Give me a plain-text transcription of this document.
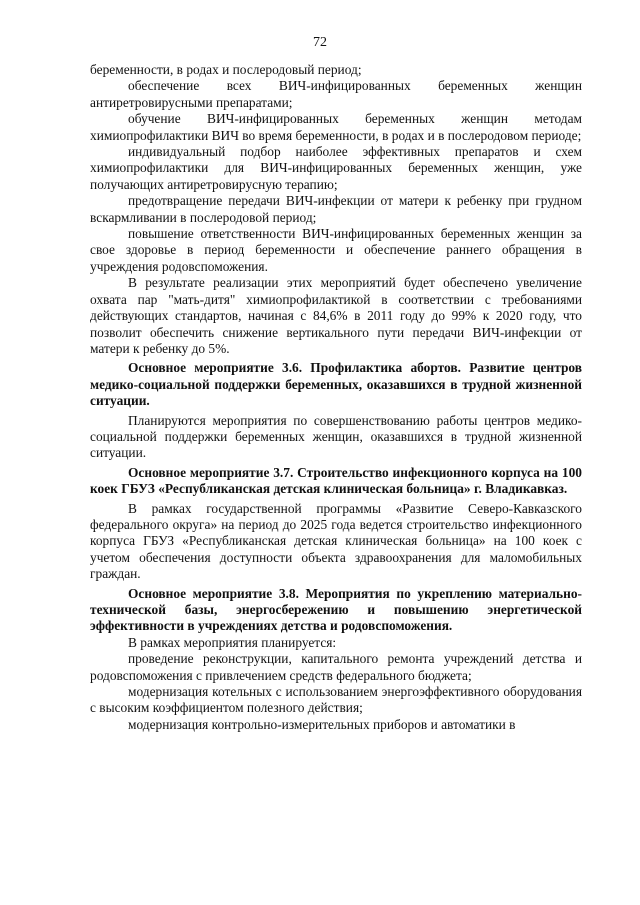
72

беременности, в родах и послеродовый период;

обеспечение всех ВИЧ-инфицированных беременных женщин антиретровирусными препаратами;

обучение ВИЧ-инфицированных беременных женщин методам химиопрофилактики ВИЧ во время беременности, в родах и в послеродовом периоде;

индивидуальный подбор наиболее эффективных препаратов и схем химиопрофилактики для ВИЧ-инфицированных беременных женщин, уже получающих антиретровирусную терапию;

предотвращение передачи ВИЧ-инфекции от матери к ребенку при грудном вскармливании в послеродовой период;

повышение ответственности ВИЧ-инфицированных беременных женщин за свое здоровье в период беременности и обеспечение раннего обращения в учреждения родовспоможения.

В результате реализации этих мероприятий будет обеспечено увеличение охвата пар "мать-дитя" химиопрофилактикой в соответствии с требованиями действующих стандартов, начиная с 84,6% в 2011 году до 99% к 2020 году, что позволит обеспечить снижение вертикального пути передачи ВИЧ-инфекции от матери к ребенку до 5%.

Основное мероприятие 3.6. Профилактика абортов. Развитие центров медико-социальной поддержки беременных, оказавшихся в трудной жизненной ситуации.

Планируются мероприятия по совершенствованию работы центров медико-социальной поддержки беременных женщин, оказавшихся в трудной жизненной ситуации.

Основное мероприятие 3.7. Строительство инфекционного корпуса на 100 коек ГБУЗ «Республиканская детская клиническая больница» г. Владикавказ.

В рамках государственной программы «Развитие Северо-Кавказского федерального округа» на период до 2025 года ведется строительство инфекционного корпуса ГБУЗ «Республиканская детская клиническая больница» на 100 коек с учетом обеспечения доступности объекта здравоохранения для маломобильных граждан.

Основное мероприятие 3.8. Мероприятия по укреплению материально-технической базы, энергосбережению и повышению энергетической эффективности в учреждениях детства и родовспоможения.

В рамках мероприятия планируется:

проведение реконструкции, капитального ремонта учреждений детства и родовспоможения с привлечением средств федерального бюджета;

модернизация котельных с использованием энергоэффективного оборудования с высоким коэффициентом полезного действия;

модернизация контрольно-измерительных приборов и автоматики в
